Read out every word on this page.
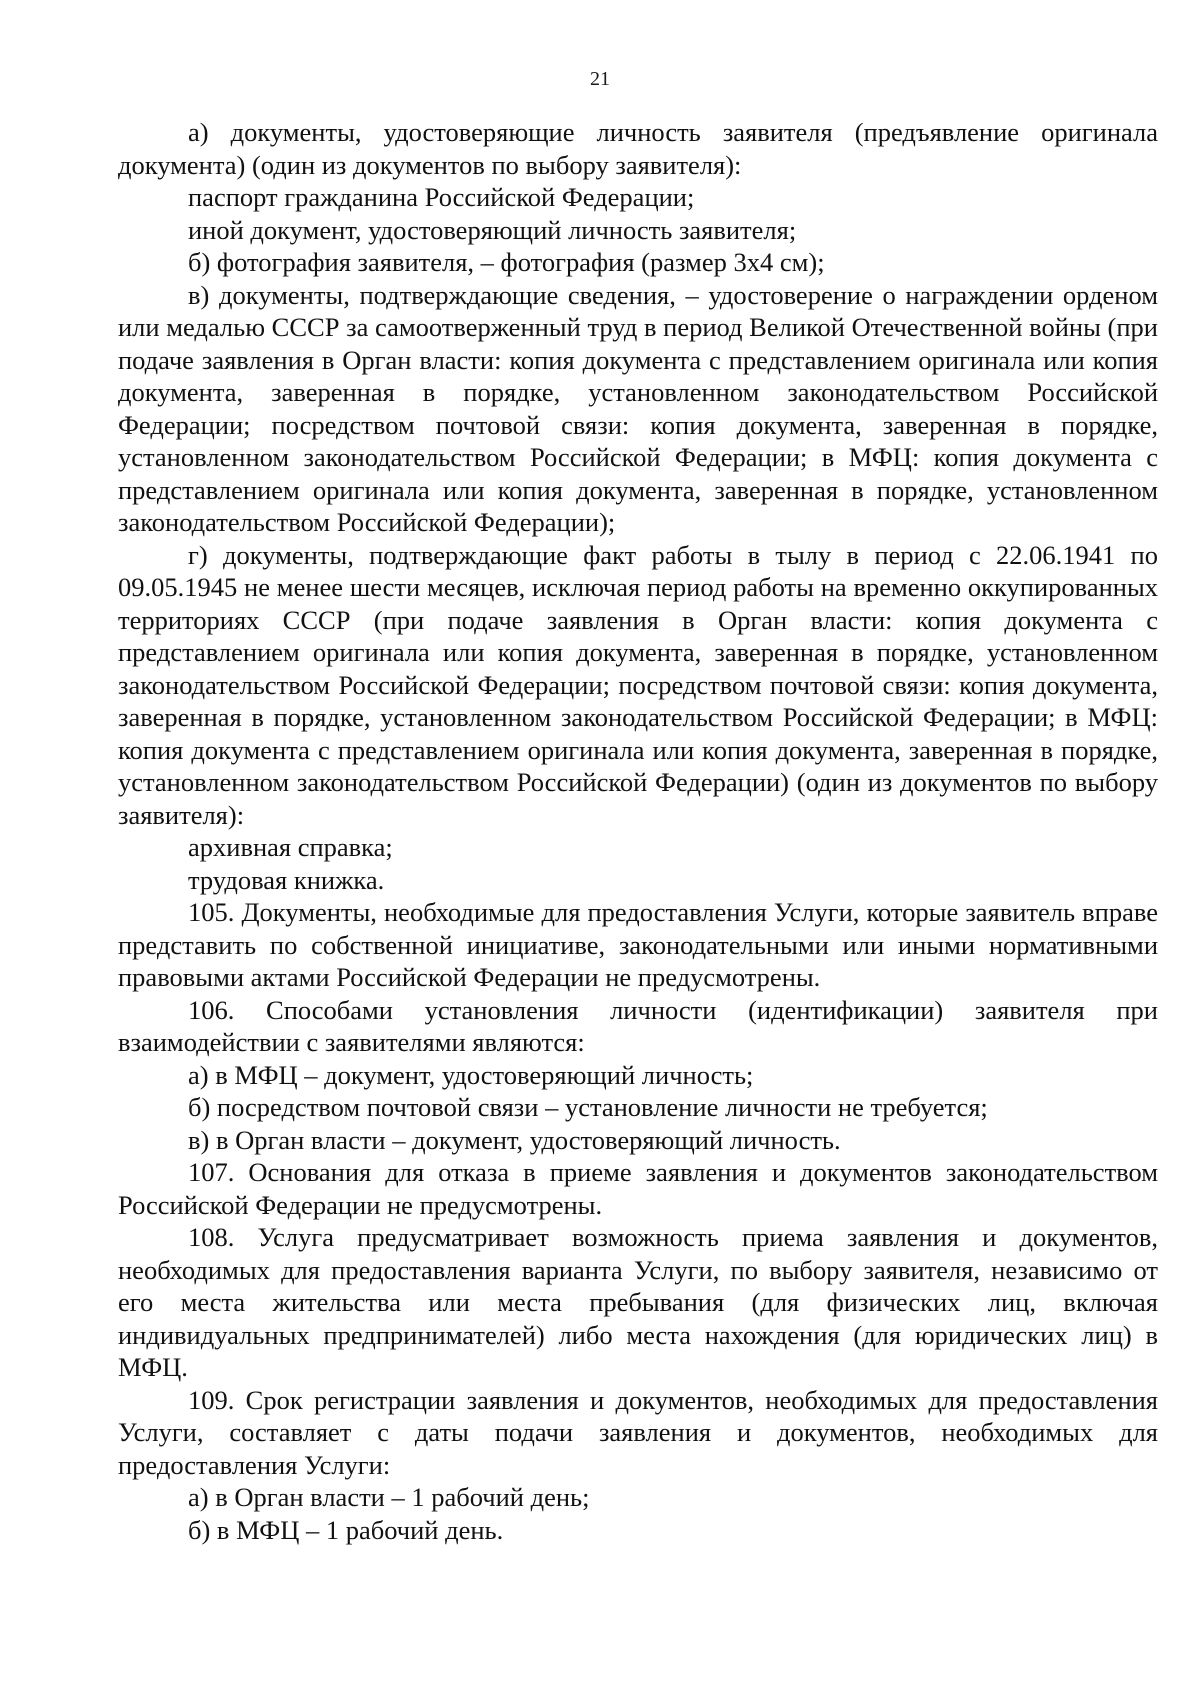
21

а) документы, удостоверяющие личность заявителя (предъявление оригинала документа) (один из документов по выбору заявителя):

паспорт гражданина Российской Федерации;

иной документ, удостоверяющий личность заявителя;

б) фотография заявителя, – фотография (размер 3х4 см);

в) документы, подтверждающие сведения, – удостоверение о награждении орденом или медалью СССР за самоотверженный труд в период Великой Отечественной войны (при подаче заявления в Орган власти: копия документа с представлением оригинала или копия документа, заверенная в порядке, установленном законодательством Российской Федерации; посредством почтовой связи: копия документа, заверенная в порядке, установленном законодательством Российской Федерации; в МФЦ: копия документа с представлением оригинала или копия документа, заверенная в порядке, установленном законодательством Российской Федерации);

г) документы, подтверждающие факт работы в тылу в период с 22.06.1941 по 09.05.1945 не менее шести месяцев, исключая период работы на временно оккупированных территориях СССР (при подаче заявления в Орган власти: копия документа с представлением оригинала или копия документа, заверенная в порядке, установленном законодательством Российской Федерации; посредством почтовой связи: копия документа, заверенная в порядке, установленном законодательством Российской Федерации; в МФЦ: копия документа с представлением оригинала или копия документа, заверенная в порядке, установленном законодательством Российской Федерации) (один из документов по выбору заявителя):

архивная справка;

трудовая книжка.

105. Документы, необходимые для предоставления Услуги, которые заявитель вправе представить по собственной инициативе, законодательными или иными нормативными правовыми актами Российской Федерации не предусмотрены.

106. Способами установления личности (идентификации) заявителя при взаимодействии с заявителями являются:

а) в МФЦ – документ, удостоверяющий личность;

б) посредством почтовой связи – установление личности не требуется;

в) в Орган власти – документ, удостоверяющий личность.

107. Основания для отказа в приеме заявления и документов законодательством Российской Федерации не предусмотрены.

108. Услуга предусматривает возможность приема заявления и документов, необходимых для предоставления варианта Услуги, по выбору заявителя, независимо от его места жительства или места пребывания (для физических лиц, включая индивидуальных предпринимателей) либо места нахождения (для юридических лиц) в МФЦ.

109. Срок регистрации заявления и документов, необходимых для предоставления Услуги, составляет с даты подачи заявления и документов, необходимых для предоставления Услуги:

а) в Орган власти – 1 рабочий день;

б) в МФЦ – 1 рабочий день.
